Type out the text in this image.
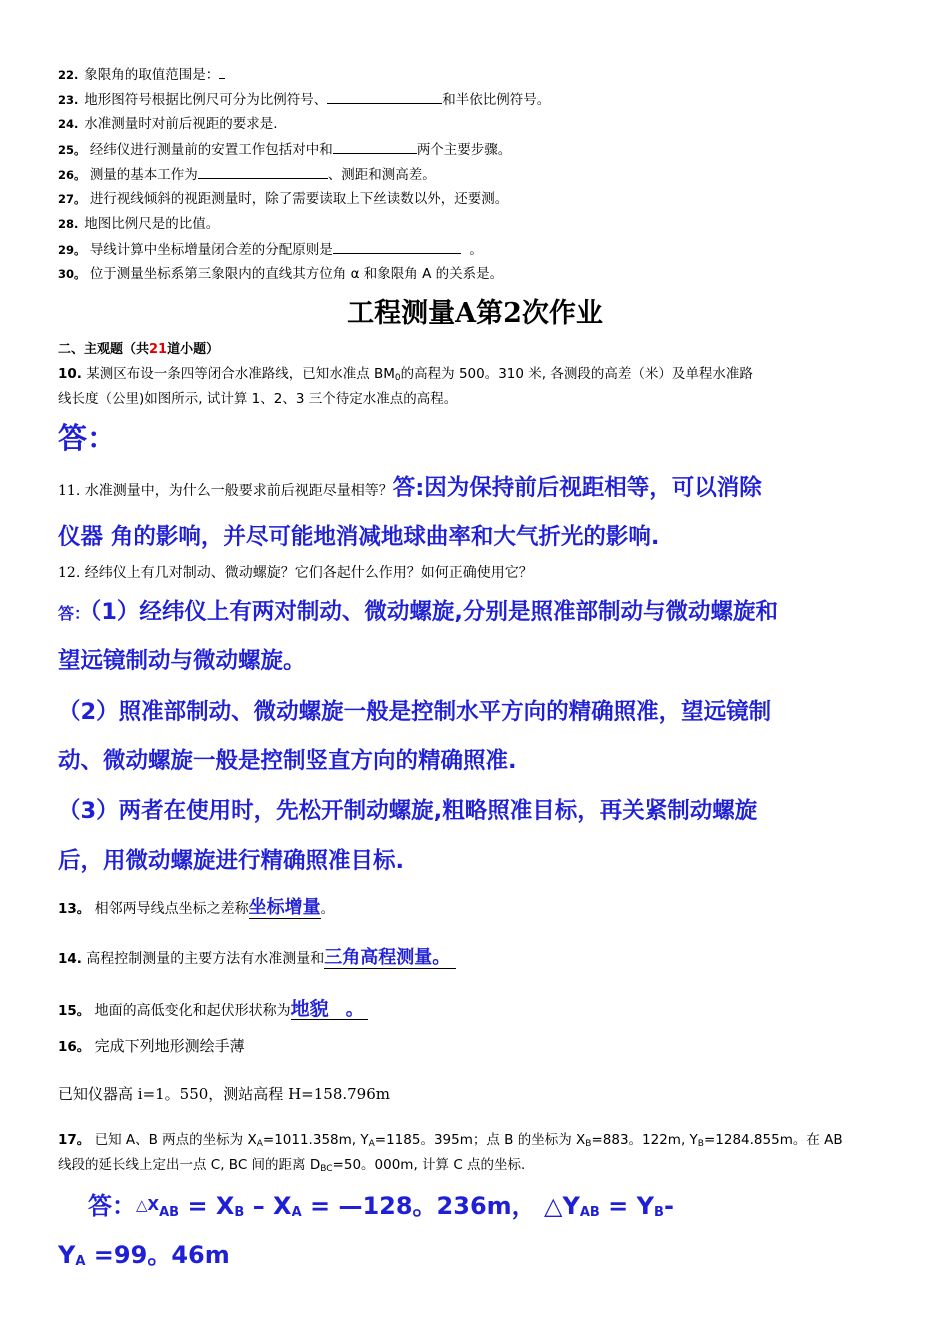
22. 象限角的取值范围是：
23. 地形图符号根据比例尺可分为比例符号、	和半依比例符号。
24. 水准测量时对前后视距的要求是.
25。 经纬仪进行测量前的安置工作包括对中和	两个主要步骤。
26。 测量的基本工作为	、测距和测高差。
27。 进行视线倾斜的视距测量时，除了需要读取上下丝读数以外，还要测。
28. 地图比例尺是的比值。
29。 导线计算中坐标增量闭合差的分配原则是	。
30。 位于测量坐标系第三象限内的直线其方位角 α 和象限角 A 的关系是。
工程测量A第2次作业
二、主观题（共21道小题）
10. 某测区布设一条四等闭合水准路线，已知水准点 $BM_0$的高程为 500。310 米, 各测段的高差（米）及单程水准路
线长度（公里)如图所示, 试计算 1、2、3 三个待定水准点的高程。
答：
11. 水准测量中，为什么一般要求前后视距尽量相等？答:因为保持前后视距相等，可以消除
仪器 角的影响，并尽可能地消减地球曲率和大气折光的影响.
12. 经纬仪上有几对制动、微动螺旋？它们各起什么作用？如何正确使用它？
答：（1）经纬仪上有两对制动、微动螺旋,分别是照准部制动与微动螺旋和
望远镜制动与微动螺旋。
（2）照准部制动、微动螺旋一般是控制水平方向的精确照准，望远镜制
动、微动螺旋一般是控制竖直方向的精确照准.
（3）两者在使用时，先松开制动螺旋,粗略照准目标，再关紧制动螺旋
后，用微动螺旋进行精确照准目标.
13。 相邻两导线点坐标之差称坐标增量。
14. 高程控制测量的主要方法有水准测量和三角高程测量。
15。 地面的高低变化和起伏形状称为地貌 。
16。 完成下列地形测绘手薄
已知仪器高 i=1。550，测站高程 H=158.796m
17。 已知 A、B 两点的坐标为 $X_A=1011.358m$, $Y_A=1185$。395m；点 B 的坐标为 $X_B=883$。122m, $Y_B=1284.855m$。在 AB
线段的延长线上定出一点 C, BC 间的距离 $D_{BC}=50$。000m, 计算 C 点的坐标.
答：$\triangle X_{AB} = X_B - X_A$ = —128。236m， $\triangle Y_{AB} = Y_B-$
$Y_A =99$。46m
